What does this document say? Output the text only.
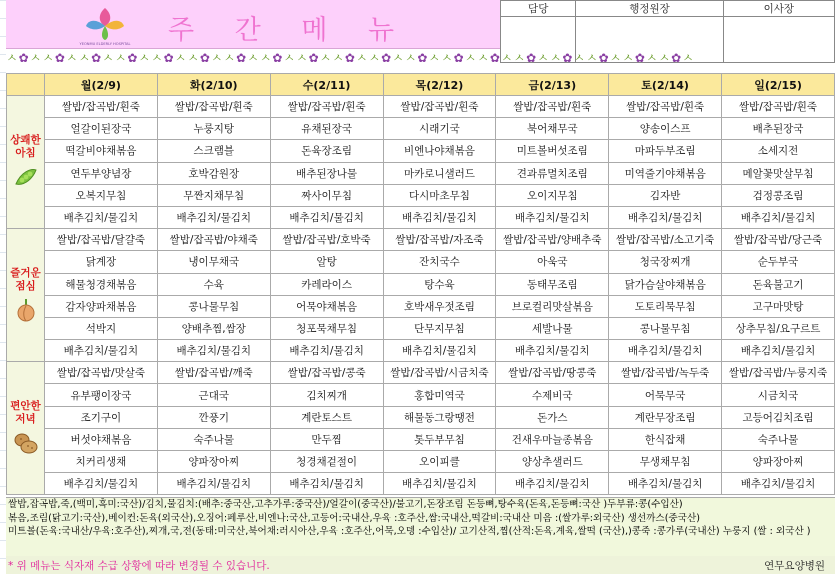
YEONMU ELDERLY HOSPITAL 주 간 메 뉴
담당	행정원장	이사장

ㅅ✿ㅅㅅ✿ㅅㅅ✿ㅅㅅ✿ㅅㅅ✿ㅅㅅ✿ㅅㅅ✿ㅅㅅ✿ㅅㅅ✿ㅅㅅ✿ㅅㅅ✿ㅅㅅ✿ㅅㅅ✿ㅅㅅ✿ㅅㅅ✿ㅅㅅ✿ㅅㅅ✿ㅅㅅ✿ㅅㅅ✿ㅅ
	월(2/9)	화(2/10)	수(2/11)	목(2/12)	금(2/13)	토(2/14)	일(2/15)

상쾌한 아침	쌀밥/잡곡밥/흰죽	쌀밥/잡곡밥/흰죽	쌀밥/잡곡밥/흰죽	쌀밥/잡곡밥/흰죽	쌀밥/잡곡밥/흰죽	쌀밥/잡곡밥/흰죽	쌀밥/잡곡밥/흰죽
	얼갈이된장국	누룽지탕	유채된장국	시래기국	북어채무국	양송이스프	배추된장국
	떡갈비야채볶음	스크램블	돈육장조림	비엔나야채볶음	미트볼버섯조림	마파두부조림	소세지전
	연두부양념장	호박감원장	배추된장나물	마카로니샐러드	견과류멸치조림	미역줄기야채볶음	메알꽃맛살무침
	오복지무침	무짠지채무침	짜사이무침	다시마초무침	오이지무침	김자반	검정콩조림
	배추김치/물김치	배추김치/물김치	배추김치/물김치	배추김치/물김치	배추김치/물김치	배추김치/물김치	배추김치/물김치

즐거운 점심	쌀밥/잡곡밥/달걀죽	쌀밥/잡곡밥/야채죽	쌀밥/잡곡밥/호박죽	쌀밥/잡곡밥/자조죽	쌀밥/잡곡밥/양배추죽	쌀밥/잡곡밥/소고기죽	쌀밥/잡곡밥/당근죽
	닭계장	냉이무채국	알탕	잔치국수	아욱국	청국장찌개	순두부국
	해물청경채볶음	수육	카레라이스	탕수육	동태무조림	닭가슴살야채볶음	돈육불고기
	감자양파채볶음	콩나물무침	어묵야채볶음	호박새우젓조림	브로컬리맛살볶음	도토리묵무침	고구마맛탕
	석박지	양배추찜,쌈장	청포묵채무침	단무지무침	세발나물	콩나물무침	상추무침/요구르트
	배추김치/물김치	배추김치/물김치	배추김치/물김치	배추김치/물김치	배추김치/물김치	배추김치/물김치	배추김치/물김치

편안한 저녁	쌀밥/잡곡밥/맛살죽	쌀밥/잡곡밥/깨죽	쌀밥/잡곡밥/콩죽	쌀밥/잡곡밥/시금치죽	쌀밥/잡곡밥/땅콩죽	쌀밥/잡곡밥/녹두죽	쌀밥/잡곡밥/누룽지죽
	유부팽이장국	근대국	김치찌개	홍합미역국	수제비국	어묵무국	시금치국
	조기구이	깐풍기	계란토스트	해물동그랑땡전	돈가스	계란무장조림	고등어김치조림
	버섯야채볶음	숙주나물	만두찜	톳두부무침	건새우마늘종볶음	한식잡채	숙주나물
	치커리생채	양파장아찌	청경채겉절이	오이피클	양상추샐러드	무생채무침	양파장아찌
	배추김치/물김치	배추김치/물김치	배추김치/물김치	배추김치/물김치	배추김치/물김치	배추김치/물김치	배추김치/물김치

쌀밥,잡곡밥,죽,(백미,흑미:국산)/김치,물김치:(배추:중국산,고추가루:중국산)/얼갈이(중국산)/불고기,돈장조림 돈등뼈,탕수육(돈육,돈등뼈:국산 )두부류:콩(수입산)

볶음,조림(닭고기:국산),베이컨:돈육(외국산),오징어:페루산,비엔나:국산,고등어:국내산,우육 :호주산,쌈:국내산,떡갈비:국내산 미음 :(쌀가루:외국산) 생선까스(중국산)

미트볼(돈육:국내산/우육:호주산),찌개,국,전(동태:미국산,북어채:러시아산,우육 :호주산,어묵,오뎅 :수입산)/ 고기산적,찜(산적:돈육,계육,쌀떡 (국산),)콩죽 :콩가루(국내산) 누룽지 (쌀 : 외국산 )

* 위 메뉴는 식자재 수급 상황에 따라 변경될 수 있습니다.	연무요양병원
